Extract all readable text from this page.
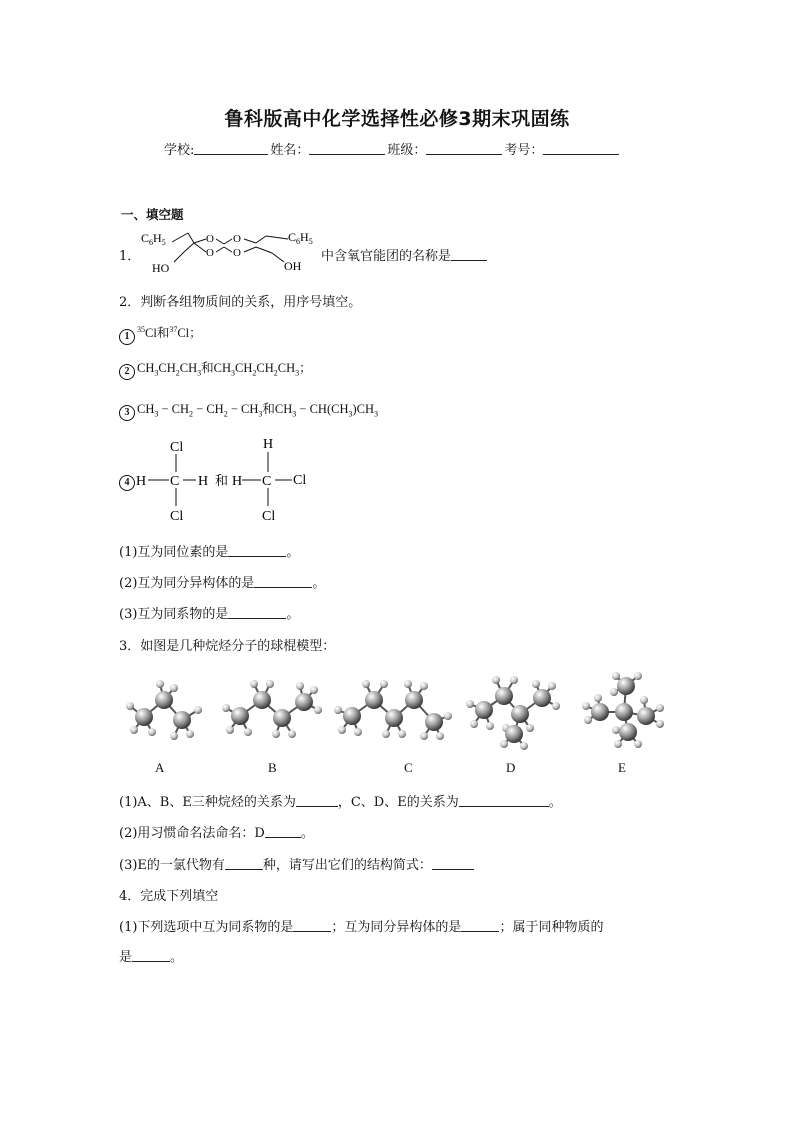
鲁科版高中化学选择性必修3期末巩固练
学校:	姓名：	班级：	考号：
一、填空题
1．
$C_6H_5$	$C_6H_5$
O
O
O
O
HO	OH
中含氧官能团的名称是
2．判断各组物质间的关系，用序号填空。
$1^{35}Cl$和$^{37}$Cl；
2 $CH_3CH_2CH_3$和$CH_3CH_2CH_2CH_3$；
3 $CH_3 - CH_2 - CH_2 - CH_3$和$CH_3 - CH(CH_3)CH_3$
4
Cl
H C H
Cl
和
H
H C Cl
Cl
(1)互为同位素的是	。
(2)互为同分异构体的是	。
(3)互为同系物的是	。
3．如图是几种烷烃分子的球棍模型：
A	B	C	D	E
(1)A、B、E三种烷烃的关系为	，C、D、E的关系为	。
(2)用习惯命名法命名：D	。
(3)E的一氯代物有	种，请写出它们的结构简式：
4．完成下列填空
(1)下列选项中互为同系物的是	；互为同分异构体的是	；属于同种物质的
是	。
